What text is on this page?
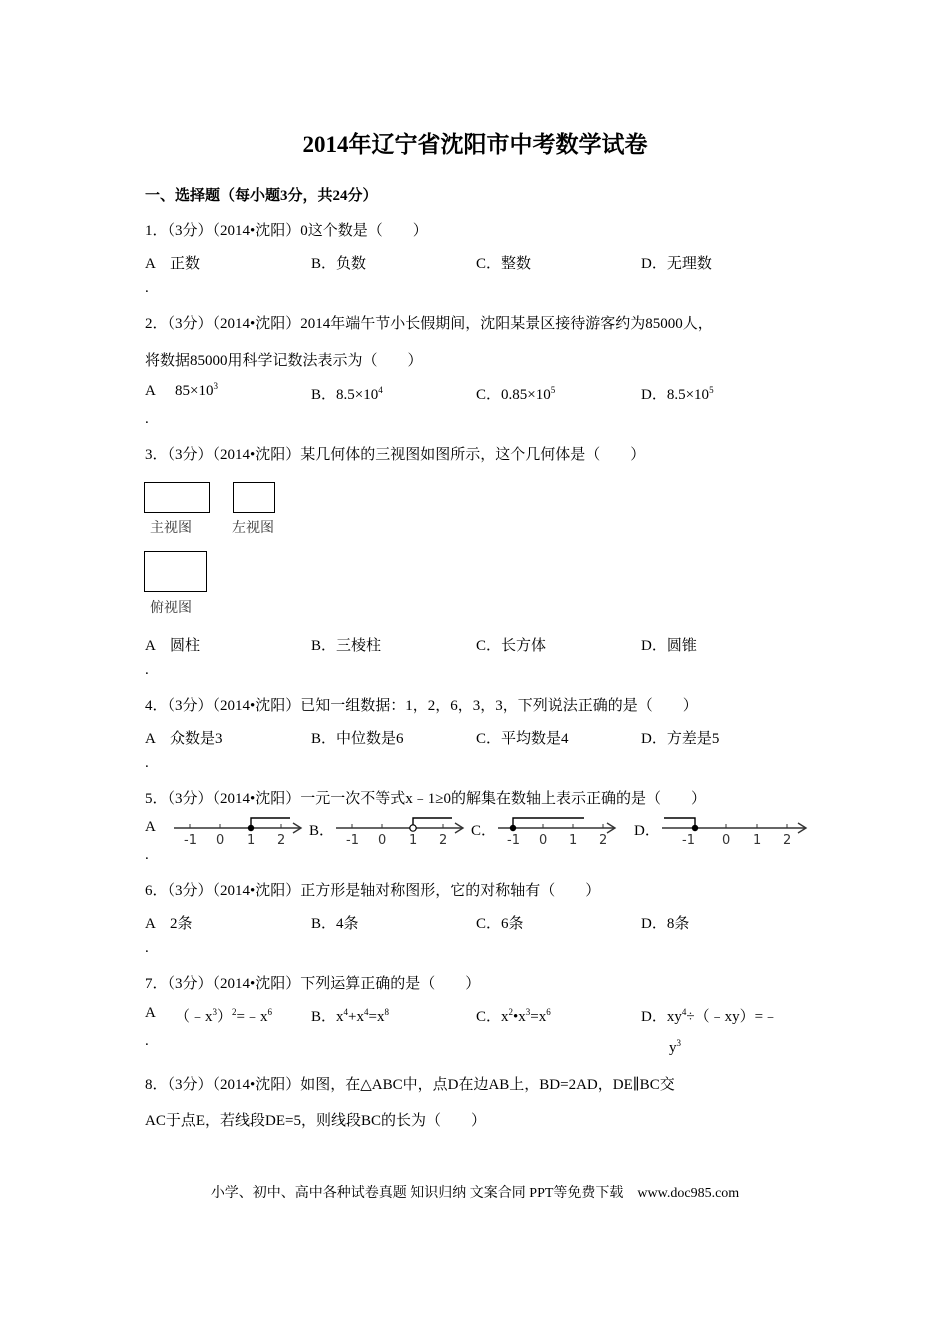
2014年辽宁省沈阳市中考数学试卷
一、选择题（每小题3分，共24分）
1．（3分）（2014•沈阳）0这个数是（　　）
A　正数	B．负数	C．整数	D．无理数
.
2．（3分）（2014•沈阳）2014年端午节小长假期间，沈阳某景区接待游客约为85000人，
将数据85000用科学记数法表示为（　　）
A $85\times 10^3$
B．$8.5\times 10^4$	C．$0.85\times 10^5$	D．$8.5\times 10^5$
.
3．（3分）（2014•沈阳）某几何体的三视图如图所示，这个几何体是（　　）
主视图	左视图
俯视图
A　圆柱	B．三棱柱	C．长方体	D．圆锥
.
4．（3分）（2014•沈阳）已知一组数据：1，2，6，3，3，下列说法正确的是（　　）
A　众数是3	B．中位数是6	C．平均数是4	D．方差是5
.
5．（3分）（2014•沈阳）一元一次不等式x﹣1≥0的解集在数轴上表示正确的是（　　）
A	B．	C．	D．
-1 0 1 2	-1 0 1 2	-1 0 1 2	-1 0 1 2
.
6．（3分）（2014•沈阳）正方形是轴对称图形，它的对称轴有（　　）
A　2条	B．4条	C．6条	D．8条
.
7．（3分）（2014•沈阳）下列运算正确的是（　　）
A $(﹣x^3)^2=﹣x^6$	B．$x^4+x^4=x^8$	C．$x^2•x^3=x^6$	D．$xy^4\div(﹣xy)=﹣$
$y^3$
.
8．（3分）（2014•沈阳）如图，在△ABC中，点D在边AB上，BD=2AD，DE∥BC交
AC于点E，若线段DE=5，则线段BC的长为（　　）
小学、初中、高中各种试卷真题 知识归纳 文案合同 PPT等免费下载　www.doc985.com
